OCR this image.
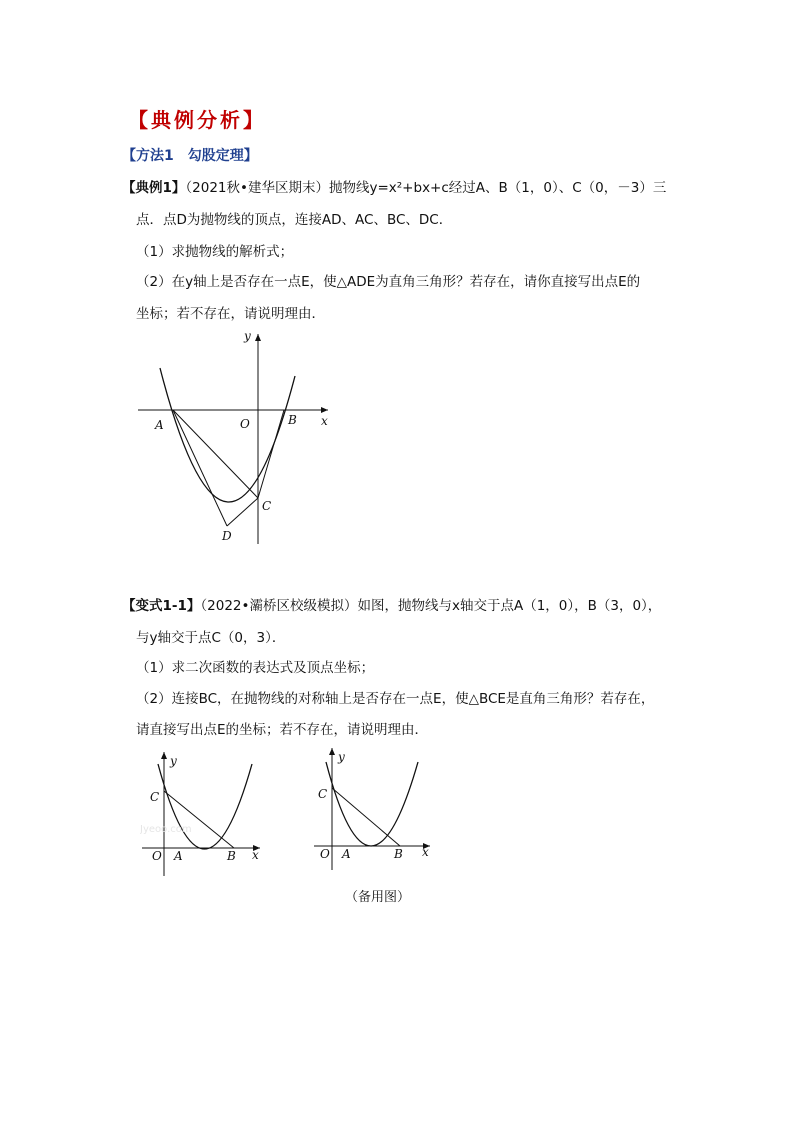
【典例分析】
【方法1　勾股定理】
【典例1】（2021秋•建华区期末）抛物线y=x²+bx+c经过A、B（1，0）、C（0，－3）三
点．点D为抛物线的顶点，连接AD、AC、BC、DC．
（1）求抛物线的解析式；
（2）在y轴上是否存在一点E，使△ADE为直角三角形？若存在，请你直接写出点E的
坐标；若不存在，请说明理由．
y
x
O
A	B
C
D
【变式1-1】（2022•灞桥区校级模拟）如图，抛物线与x轴交于点A（1，0），B（3，0），
与y轴交于点C（0，3）．
（1）求二次函数的表达式及顶点坐标；
（2）连接BC，在抛物线的对称轴上是否存在一点E，使△BCE是直角三角形？若存在，
请直接写出点E的坐标；若不存在，请说明理由．
Jyeoo.com
y
C
O A	B x
y
C
O A	B x
（备用图）
